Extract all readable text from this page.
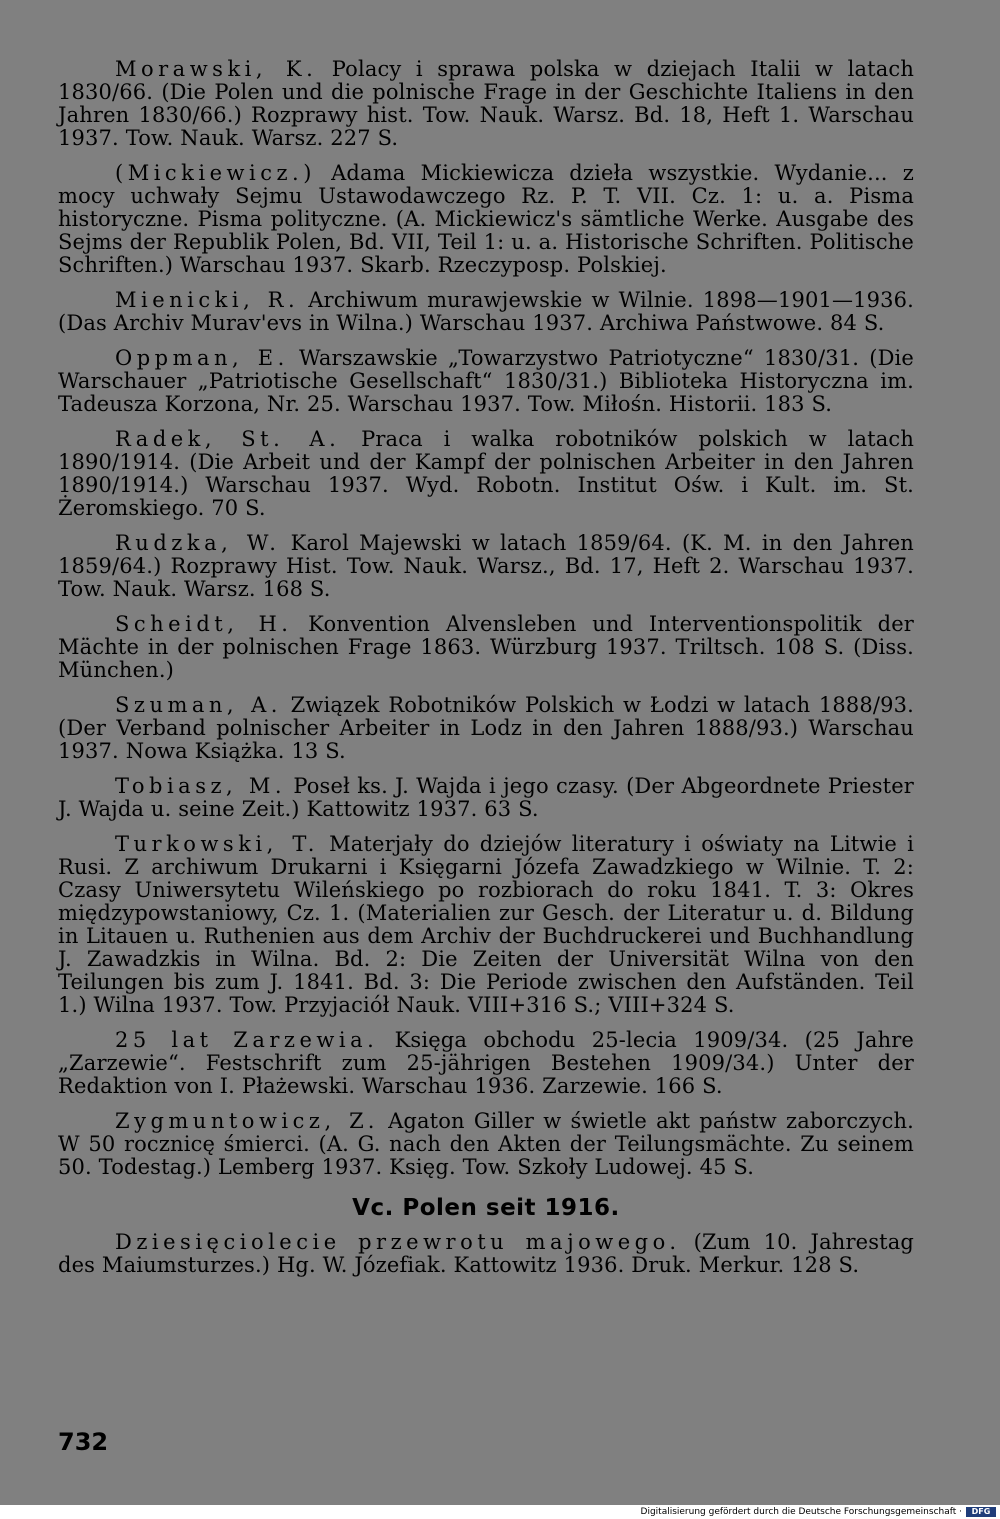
Morawski, K. Polacy i sprawa polska w dziejach Italii w latach 1830/66. (Die Polen und die polnische Frage in der Geschichte Italiens in den Jahren 1830/66.) Rozprawy hist. Tow. Nauk. Warsz. Bd. 18, Heft 1. Warschau 1937. Tow. Nauk. Warsz. 227 S.

(Mickiewicz.) Adama Mickiewicza dzieła wszystkie. Wydanie... z mocy uchwały Sejmu Ustawodawczego Rz. P. T. VII. Cz. 1: u. a. Pisma historyczne. Pisma polityczne. (A. Mickiewicz's sämtliche Werke. Ausgabe des Sejms der Republik Polen, Bd. VII, Teil 1: u. a. Historische Schriften. Politische Schriften.) Warschau 1937. Skarb. Rzeczyposp. Polskiej.

Mienicki, R. Archiwum murawjewskie w Wilnie. 1898—1901—1936. (Das Archiv Murav'evs in Wilna.) Warschau 1937. Archiwa Państwowe. 84 S.

Oppman, E. Warszawskie „Towarzystwo Patriotyczne“ 1830/31. (Die Warschauer „Patriotische Gesellschaft“ 1830/31.) Biblioteka Historyczna im. Tadeusza Korzona, Nr. 25. Warschau 1937. Tow. Miłośn. Historii. 183 S.

Radek, St. A. Praca i walka robotników polskich w latach 1890/1914. (Die Arbeit und der Kampf der polnischen Arbeiter in den Jahren 1890/1914.) Warschau 1937. Wyd. Robotn. Institut Ośw. i Kult. im. St. Żeromskiego. 70 S.

Rudzka, W. Karol Majewski w latach 1859/64. (K. M. in den Jahren 1859/64.) Rozprawy Hist. Tow. Nauk. Warsz., Bd. 17, Heft 2. Warschau 1937. Tow. Nauk. Warsz. 168 S.

Scheidt, H. Konvention Alvensleben und Interventionspolitik der Mächte in der polnischen Frage 1863. Würzburg 1937. Triltsch. 108 S. (Diss. München.)

Szuman, A. Związek Robotników Polskich w Łodzi w latach 1888/93. (Der Verband polnischer Arbeiter in Lodz in den Jahren 1888/93.) Warschau 1937. Nowa Książka. 13 S.

Tobiasz, M. Poseł ks. J. Wajda i jego czasy. (Der Abgeordnete Priester J. Wajda u. seine Zeit.) Kattowitz 1937. 63 S.

Turkowski, T. Materjały do dziejów literatury i oświaty na Litwie i Rusi. Z archiwum Drukarni i Księgarni Józefa Zawadzkiego w Wilnie. T. 2: Czasy Uniwersytetu Wileńskiego po rozbiorach do roku 1841. T. 3: Okres międzypowstaniowy, Cz. 1. (Materialien zur Gesch. der Literatur u. d. Bildung in Litauen u. Ruthenien aus dem Archiv der Buchdruckerei und Buchhandlung J. Zawadzkis in Wilna. Bd. 2: Die Zeiten der Universität Wilna von den Teilungen bis zum J. 1841. Bd. 3: Die Periode zwischen den Aufständen. Teil 1.) Wilna 1937. Tow. Przyjaciół Nauk. VIII+316 S.; VIII+324 S.

25 lat Zarzewia. Księga obchodu 25-lecia 1909/34. (25 Jahre „Zarzewie“. Festschrift zum 25-jährigen Bestehen 1909/34.) Unter der Redaktion von I. Płażewski. Warschau 1936. Zarzewie. 166 S.

Zygmuntowicz, Z. Agaton Giller w świetle akt państw zaborczych. W 50 rocznicę śmierci. (A. G. nach den Akten der Teilungsmächte. Zu seinem 50. Todestag.) Lemberg 1937. Księg. Tow. Szkoły Ludowej. 45 S.

Vc. Polen seit 1916.

Dziesięciolecie przewrotu majowego. (Zum 10. Jahrestag des Maiumsturzes.) Hg. W. Józefiak. Kattowitz 1936. Druk. Merkur. 128 S.

732
Digitalisierung gefördert durch die Deutsche Forschungsgemeinschaft ·	DFG
